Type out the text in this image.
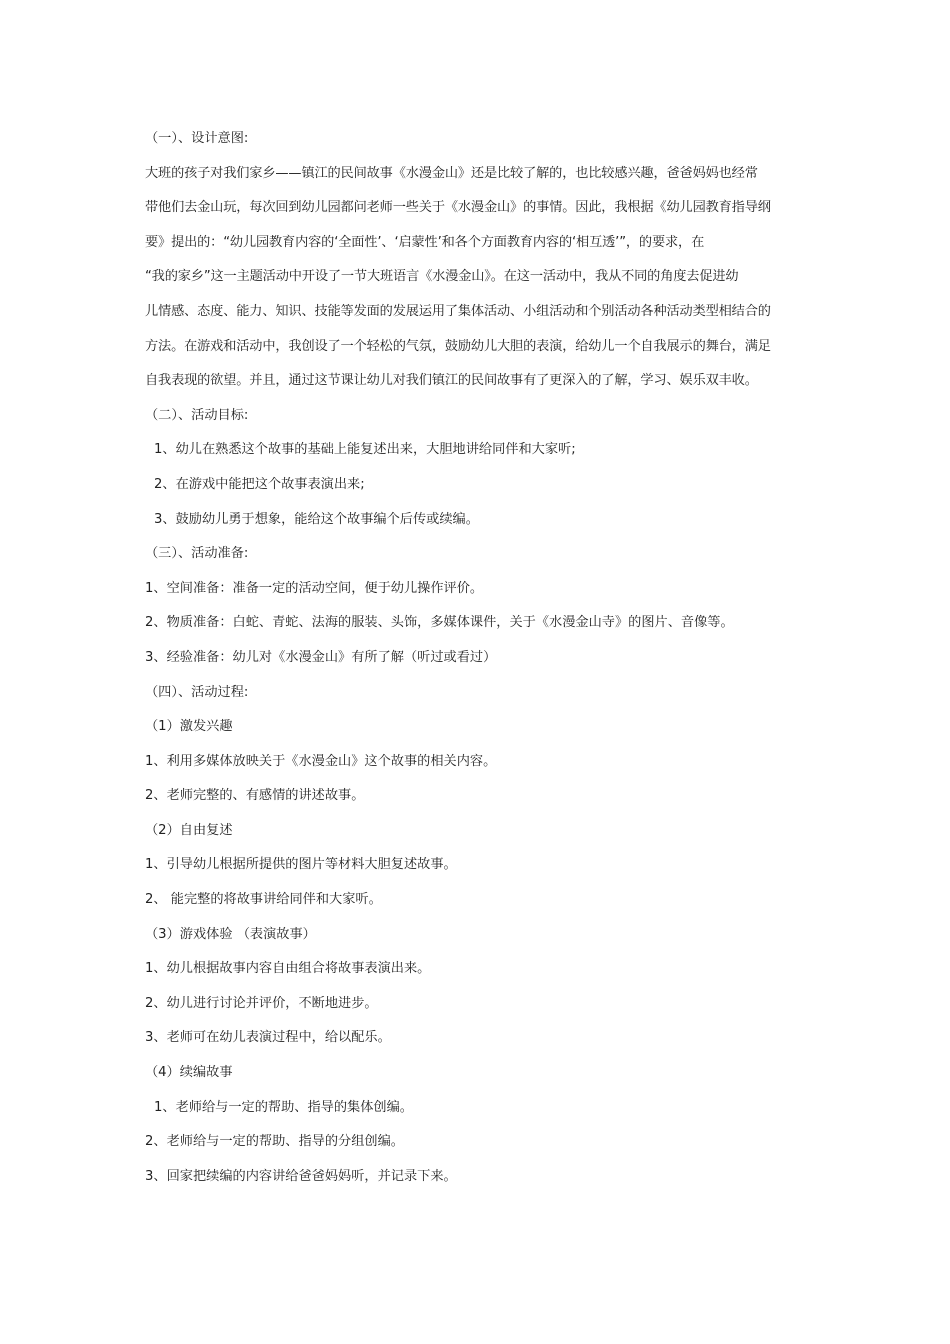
（一）、设计意图:
大班的孩子对我们家乡——镇江的民间故事《水漫金山》还是比较了解的，也比较感兴趣，爸爸妈妈也经常
带他们去金山玩，每次回到幼儿园都问老师一些关于《水漫金山》的事情。因此，我根据《幼儿园教育指导纲
要》提出的：“幼儿园教育内容的‘全面性’、‘启蒙性’和各个方面教育内容的‘相互透’”，的要求，在
“我的家乡”这一主题活动中开设了一节大班语言《水漫金山》。在这一活动中，我从不同的角度去促进幼
儿情感、态度、能力、知识、技能等发面的发展运用了集体活动、小组活动和个别活动各种活动类型相结合的
方法。在游戏和活动中，我创设了一个轻松的气氛，鼓励幼儿大胆的表演，给幼儿一个自我展示的舞台，满足
自我表现的欲望。并且，通过这节课让幼儿对我们镇江的民间故事有了更深入的了解，学习、娱乐双丰收。
（二）、活动目标:
1、幼儿在熟悉这个故事的基础上能复述出来，大胆地讲给同伴和大家听;
2、在游戏中能把这个故事表演出来;
3、鼓励幼儿勇于想象，能给这个故事编个后传或续编。
（三）、活动准备:
1、空间准备：准备一定的活动空间，便于幼儿操作评价。
2、物质准备：白蛇、青蛇、法海的服装、头饰，多媒体课件，关于《水漫金山寺》的图片、音像等。
3、经验准备：幼儿对《水漫金山》有所了解（听过或看过）
（四）、活动过程:
（1）激发兴趣
1、利用多媒体放映关于《水漫金山》这个故事的相关内容。
2、老师完整的、有感情的讲述故事。
（2）自由复述
1、引导幼儿根据所提供的图片等材料大胆复述故事。
2、 能完整的将故事讲给同伴和大家听。
（3）游戏体验 （表演故事）
1、幼儿根据故事内容自由组合将故事表演出来。
2、幼儿进行讨论并评价，不断地进步。
3、老师可在幼儿表演过程中，给以配乐。
（4）续编故事
1、老师给与一定的帮助、指导的集体创编。
2、老师给与一定的帮助、指导的分组创编。
3、回家把续编的内容讲给爸爸妈妈听，并记录下来。
